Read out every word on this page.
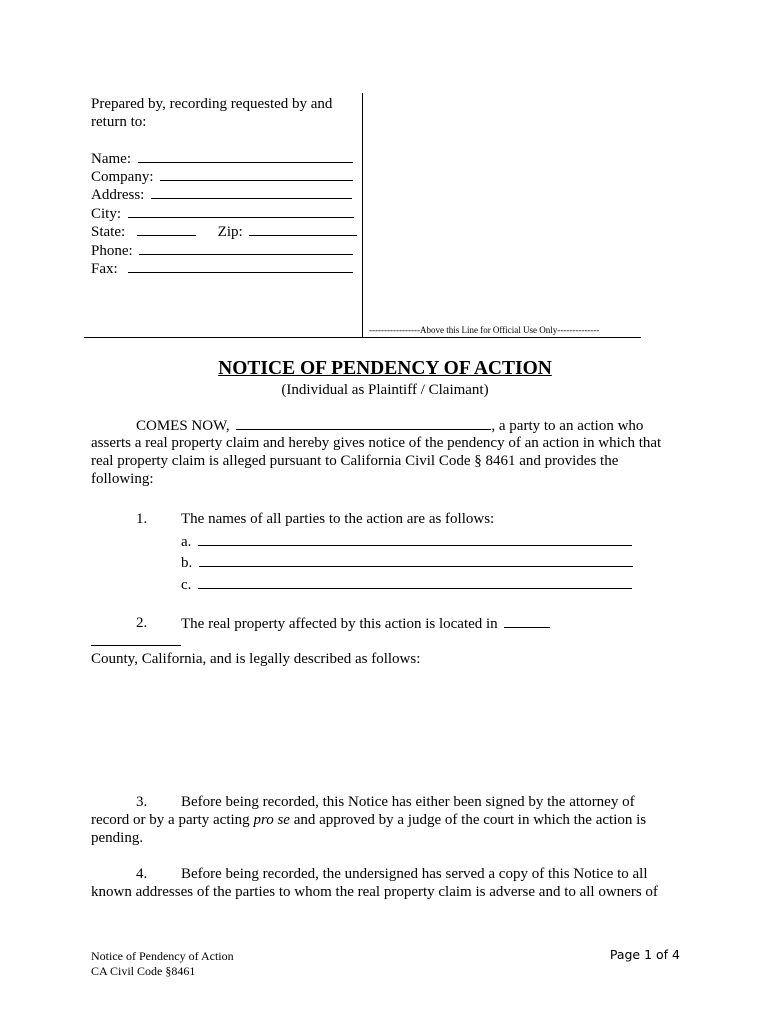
Prepared by, recording requested by and
return to:
Name:
Company:
Address:
City:
State:	Zip:
Phone:
Fax:
-----------------Above this Line for Official Use Only--------------
NOTICE OF PENDENCY OF ACTION
(Individual as Plaintiff / Claimant)
COMES NOW,	, a party to an action who
asserts a real property claim and hereby gives notice of the pendency of an action in which that
real property claim is alleged pursuant to California Civil Code § 8461 and provides the
following:
1. The names of all parties to the action are as follows:
a.
b.
c.
2. The real property affected by this action is located in
County, California, and is legally described as follows:
3. Before being recorded, this Notice has either been signed by the attorney of
record or by a party acting pro se and approved by a judge of the court in which the action is
pending.
4. Before being recorded, the undersigned has served a copy of this Notice to all
known addresses of the parties to whom the real property claim is adverse and to all owners of
Notice of Pendency of Action
CA Civil Code §8461
Page 1 of 4
